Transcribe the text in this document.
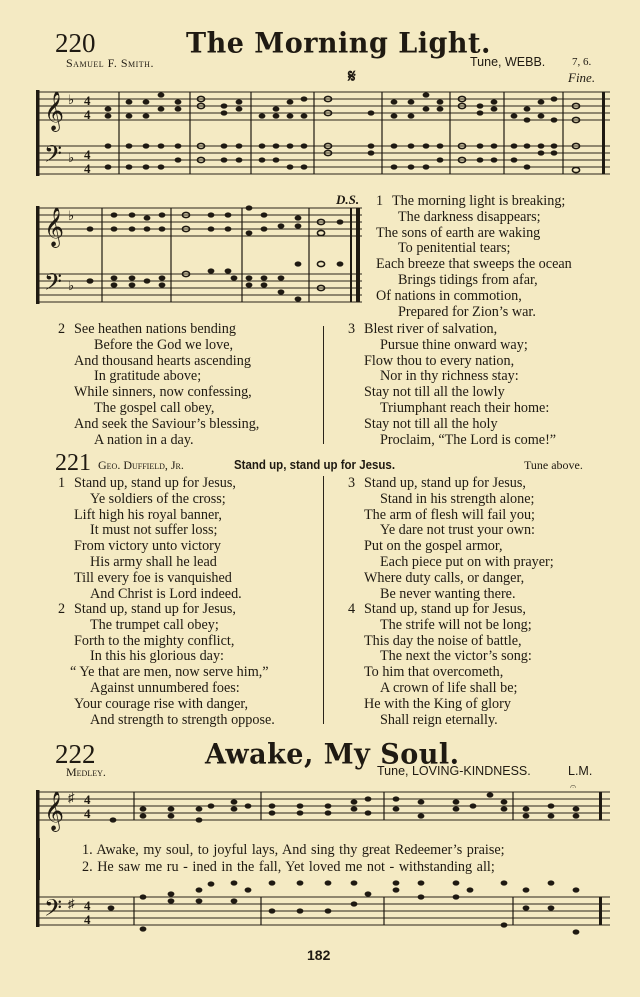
220	The Morning Light.
Samuel F. Smith.	Tune, WEBB. 7, 6.
𝄋	Fine.
𝄞
𝄢
♭
♭
4
4
4
4
𝄞
𝄢
♭
♭
D.S. 1 The morning light is breaking;
The darkness disappears;
The sons of earth are waking
To penitential tears;
Each breeze that sweeps the ocean
Brings tidings from afar,
Of nations in commotion,
Prepared for Zion’s war.
2 See heathen nations bending
Before the God we love,
And thousand hearts ascending
In gratitude above;
While sinners, now confessing,
The gospel call obey,
And seek the Saviour’s blessing,
A nation in a day.
3 Blest river of salvation,
Pursue thine onward way;
Flow thou to every nation,
Nor in thy richness stay:
Stay not till all the lowly
Triumphant reach their home:
Stay not till all the holy
Proclaim, “The Lord is come!”
221 Geo. Duffield, Jr.	Stand up, stand up for Jesus.	Tune above.
1 Stand up, stand up for Jesus,
Ye soldiers of the cross;
Lift high his royal banner,
It must not suffer loss;
From victory unto victory
His army shall he lead
Till every foe is vanquished
And Christ is Lord indeed.
2 Stand up, stand up for Jesus,
The trumpet call obey;
Forth to the mighty conflict,
In this his glorious day:
“ Ye that are men, now serve him,”
Against unnumbered foes:
Your courage rise with danger,
And strength to strength oppose.
3 Stand up, stand up for Jesus,
Stand in his strength alone;
The arm of flesh will fail you;
Ye dare not trust your own:
Put on the gospel armor,
Each piece put on with prayer;
Where duty calls, or danger,
Be never wanting there.
4 Stand up, stand up for Jesus,
The strife will not be long;
This day the noise of battle,
The next the victor’s song:
To him that overcometh,
A crown of life shall be;
He with the King of glory
Shall reign eternally.
222	Awake, My Soul.
Medley.	Tune, LOVING-KINDNESS.	L.M.
𝄞 ♯ 4
4
𝄐
1. Awake, my soul, to joyful lays, And sing thy great Redeemer’s praise;
2. He saw me ru - ined in the fall, Yet loved me not - withstanding all;
𝄢 ♯ 4
4
182
